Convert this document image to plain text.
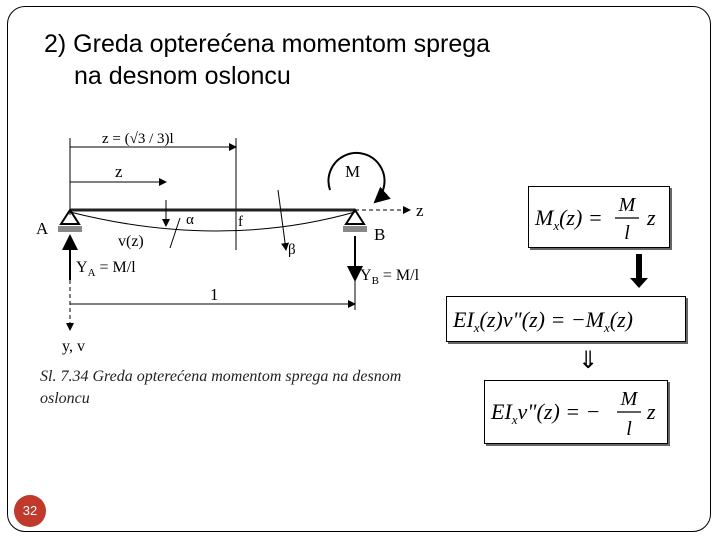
2) Greda opterećena momentom sprega
na desnom osloncu
z = (√3 / 3)l
z
z
A	B
M
$Y_A = M/l$	$Y_B = M/l$
v(z)
α	f
β
1
y, v
Sl. 7.34 Greda opterećena momentom sprega na desnom osloncu
$M_x(z) = M$
l
z
$EI_x(z)v"(z) = -M_x(z)$
⇓
$EI_xv"(z)$ = − M
l
z
32
